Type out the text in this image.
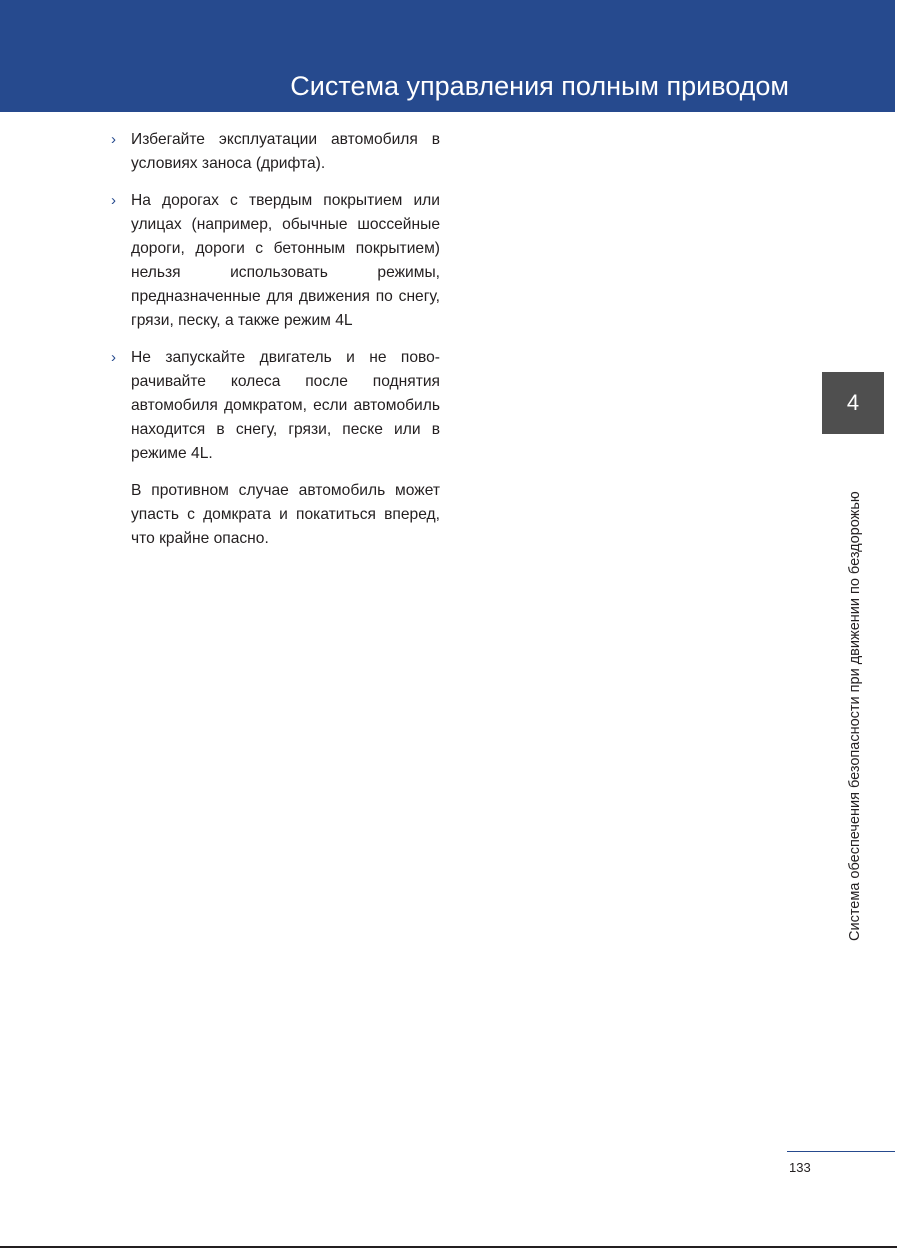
Система управления полным приводом
› Избегайте эксплуатации автомобиля в условиях заноса (дрифта).

› На дорогах с твердым покрытием или улицах (например, обычные шоссейные дороги, дороги с бетонным покрытием) нельзя использовать режимы, предназначенные для движения по снегу, грязи, песку, а также режим 4L

› Не запускайте двигатель и не поворачивайте колеса после поднятия автомобиля домкратом, если автомобиль находится в снегу, грязи, песке или в режиме 4L.

В противном случае автомобиль может упасть с домкрата и покатиться вперед, что крайне опасно.

4
Система обеспечения безопасности при движении по бездорожью
133
